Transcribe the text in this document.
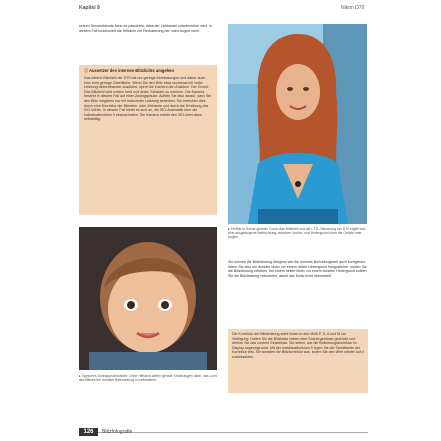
Kapitel 8	Nikon D70
setzen Sonnenblende kann es passieren, dass der Lichtstrahl unterbrochen wird. In diesem Fall funktioniert die Hilfslicht zur Reduzierung der roten Augen nicht.
ⓘ Aussetzer des internen Blitzlichts umgehen
Das interne Blitzlicht der D70 hat nur geringe Abmessungen und daher auch eine sehr geringe Oberfläche. Wenn Sie den Blitz etwa sechsmal mit voller Leistung hintereinander auslösen, sperrt die Kamera den Auslöser. Der Grund: Das Blitzlicht wird extrem heiß und droht, Schaden zu nehmen. Die Kamera besteht in diesem Fall auf einer Zwangspause. Achten Sie also darauf, dass Sie den Blitz möglichst nur mit reduzierter Leistung betreiben. Sie erreichen dies durch eine Korrektur der Blenden- oder Zeitwerte und durch die Erhöhung des ISO-Werts. In diesem Fall bietet es sich an, die ISO-Automatik über die Individualfunktion 5 einzuschalten. Die Kamera erhöht den ISO-Wert dann selbsttätig.
▸ Perfekt in Szene gesetzt: Durch das Hilfslicht und die i-TTL-Steuerung der D70 ergibt sich eine ausgewogene Beleuchtung zwischen Vorder- und Hintergrund ohne die Gefahr roter Augen.
Sie können die Blitzleistung übrigens wie die normale Belichtungszeit auch korrigieren. Wenn Sie also ein dunkles Motiv vor einem hellen Hintergrund fotografieren, sollten Sie die Blitzleistung erhöhen, bei einem hellen Motiv vor einem dunklen Hintergrund sollten Sie die Blitzleistung reduzieren, damit das Motiv nicht überstrahlt.
Die Korrektur der Blitzleistung steht Ihnen in den Modi P, S, A und M zur Verfügung. Halten Sie die Blitztaste neben dem Suchergehäuse gedrückt und drehen Sie das vordere Einstellrad. Sie sehen, wie die Belichtungskorrektur im Display angezeigt wird. Mit der Individualfunktion 9 legen Sie die Schrittweite der Korrektur fest. Sie schalten die Blitzkorrektur aus, indem Sie den Wert wieder auf 0 zurücksetzen.
▸ Typisches Schnappschussfoto: Ohne Hilfslicht wären gerade Kinderaugen dann, das Licht des Blitzes bei frontaler Beleuchtung zu reflektieren.
126	Blitzfotografie
